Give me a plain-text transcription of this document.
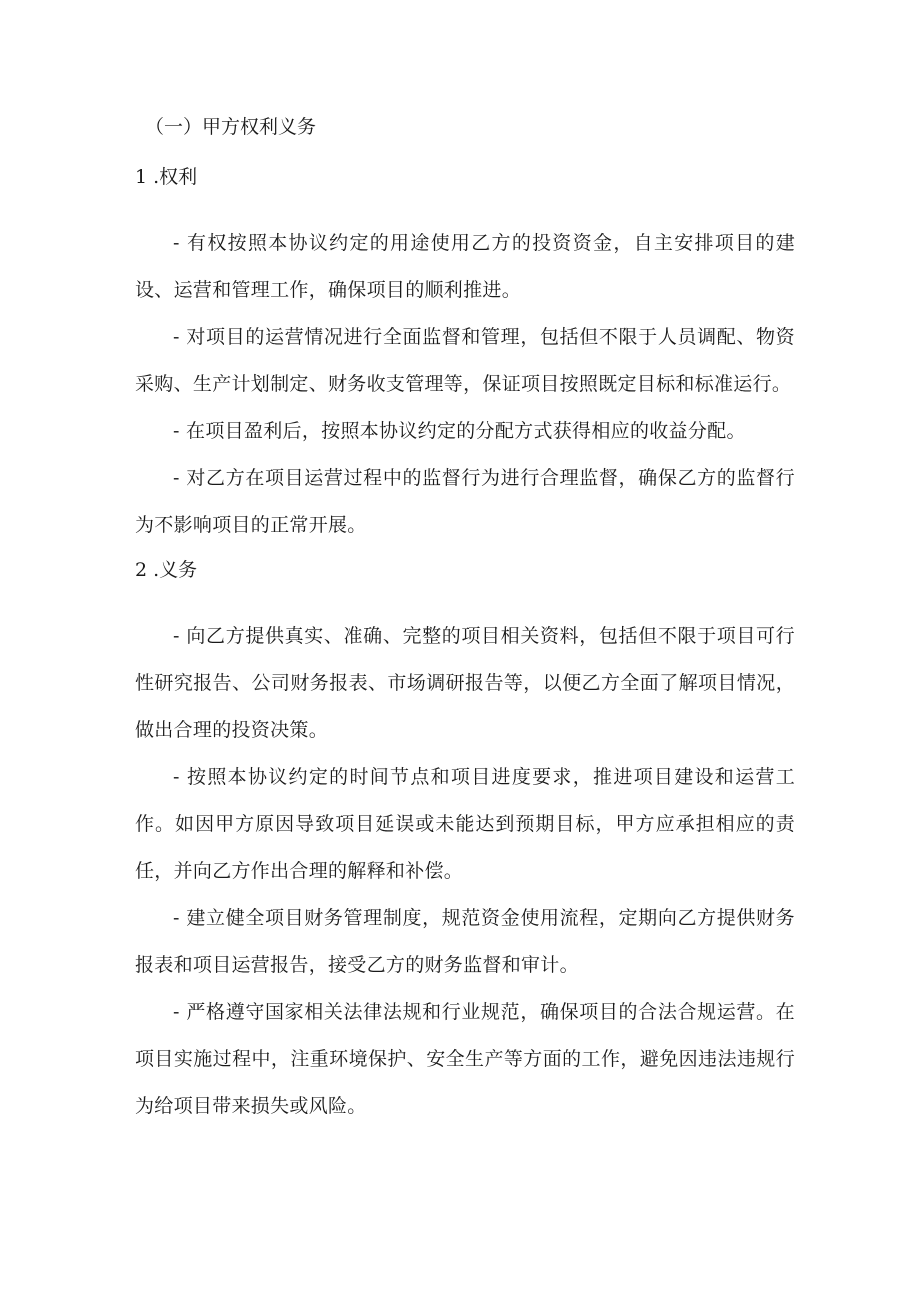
（一）甲方权利义务

1 .权利

- 有权按照本协议约定的用途使用乙方的投资资金，自主安排项目的建设、运营和管理工作，确保项目的顺利推进。

- 对项目的运营情况进行全面监督和管理，包括但不限于人员调配、物资采购、生产计划制定、财务收支管理等，保证项目按照既定目标和标准运行。

- 在项目盈利后，按照本协议约定的分配方式获得相应的收益分配。

- 对乙方在项目运营过程中的监督行为进行合理监督，确保乙方的监督行为不影响项目的正常开展。

2 .义务

- 向乙方提供真实、准确、完整的项目相关资料，包括但不限于项目可行性研究报告、公司财务报表、市场调研报告等，以便乙方全面了解项目情况，做出合理的投资决策。

- 按照本协议约定的时间节点和项目进度要求，推进项目建设和运营工作。如因甲方原因导致项目延误或未能达到预期目标，甲方应承担相应的责任，并向乙方作出合理的解释和补偿。

- 建立健全项目财务管理制度，规范资金使用流程，定期向乙方提供财务报表和项目运营报告，接受乙方的财务监督和审计。

- 严格遵守国家相关法律法规和行业规范，确保项目的合法合规运营。在项目实施过程中，注重环境保护、安全生产等方面的工作，避免因违法违规行为给项目带来损失或风险。
